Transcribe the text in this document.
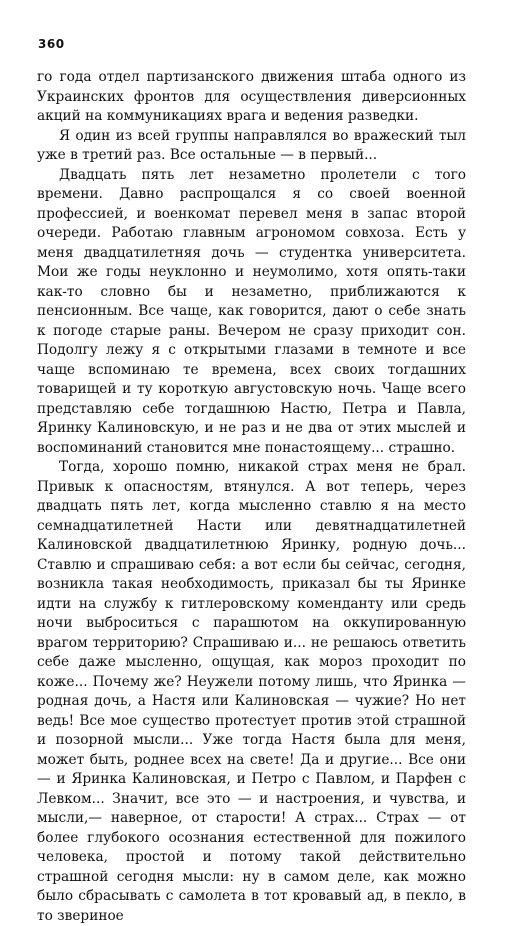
360

го года отдел партизанского движения штаба одного из Украинских фронтов для осуществления диверсионных акций на коммуникациях врага и ведения разведки.

Я один из всей группы направлялся во вражеский тыл уже в третий раз. Все остальные — в первый...

Двадцать пять лет незаметно пролетели с того времени. Давно распрощался я со своей военной профессией, и военкомат перевел меня в запас второй очереди. Работаю главным агрономом совхоза. Есть у меня двадцатилетняя дочь — студентка университета. Мои же годы неуклонно и неумолимо, хотя опять-таки как-то словно бы и незаметно, приближаются к пенсионным. Все чаще, как говорится, дают о себе знать к погоде старые раны. Вечером не сразу приходит сон. Подолгу лежу я с открытыми глазами в темноте и все чаще вспоминаю те времена, всех своих тогдашних товарищей и ту короткую августовскую ночь. Чаще всего представляю себе тогдашнюю Настю, Петра и Павла, Яринку Калиновскую, и не раз и не два от этих мыслей и воспоминаний становится мне понастоящему... страшно.

Тогда, хорошо помню, никакой страх меня не брал. Привык к опасностям, втянулся. А вот теперь, через двадцать пять лет, когда мысленно ставлю я на место семнадцатилетней Насти или девятнадцатилетней Калиновской двадцатилетнюю Яринку, родную дочь... Ставлю и спрашиваю себя: а вот если бы сейчас, сегодня, возникла такая необходимость, приказал бы ты Яринке идти на службу к гитлеровскому коменданту или средь ночи выброситься с парашютом на оккупированную врагом территорию? Спрашиваю и... не решаюсь ответить себе даже мысленно, ощущая, как мороз проходит по коже... Почему же? Неужели потому лишь, что Яринка — родная дочь, а Настя или Калиновская — чужие? Но нет ведь! Все мое существо протестует против этой страшной и позорной мысли... Уже тогда Настя была для меня, может быть, роднее всех на свете! Да и другие... Все они — и Яринка Калиновская, и Петро с Павлом, и Парфен с Левком... Значит, все это — и настроения, и чувства, и мысли,— наверное, от старости! А страх... Страх — от более глубокого осознания естественной для пожилого человека, простой и потому такой действительно страшной сегодня мысли: ну в самом деле, как можно было сбрасывать с самолета в тот кровавый ад, в пекло, в то звериное
